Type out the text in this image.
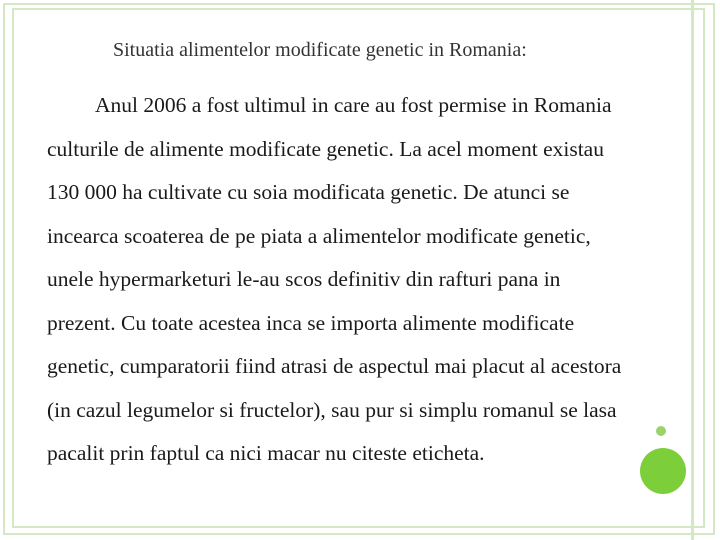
Situatia alimentelor modificate genetic in Romania:
Anul 2006 a fost ultimul in care au fost permise in Romania
culturile de alimente modificate genetic. La acel moment existau
130 000 ha cultivate cu soia modificata genetic. De atunci se
incearca scoaterea de pe piata a alimentelor modificate genetic,
unele hypermarketuri le-au scos definitiv din rafturi pana in
prezent. Cu toate acestea inca se importa alimente modificate
genetic, cumparatorii fiind atrasi de aspectul mai placut al acestora
(in cazul legumelor si fructelor), sau pur si simplu romanul se lasa
pacalit prin faptul ca nici macar nu citeste eticheta.
